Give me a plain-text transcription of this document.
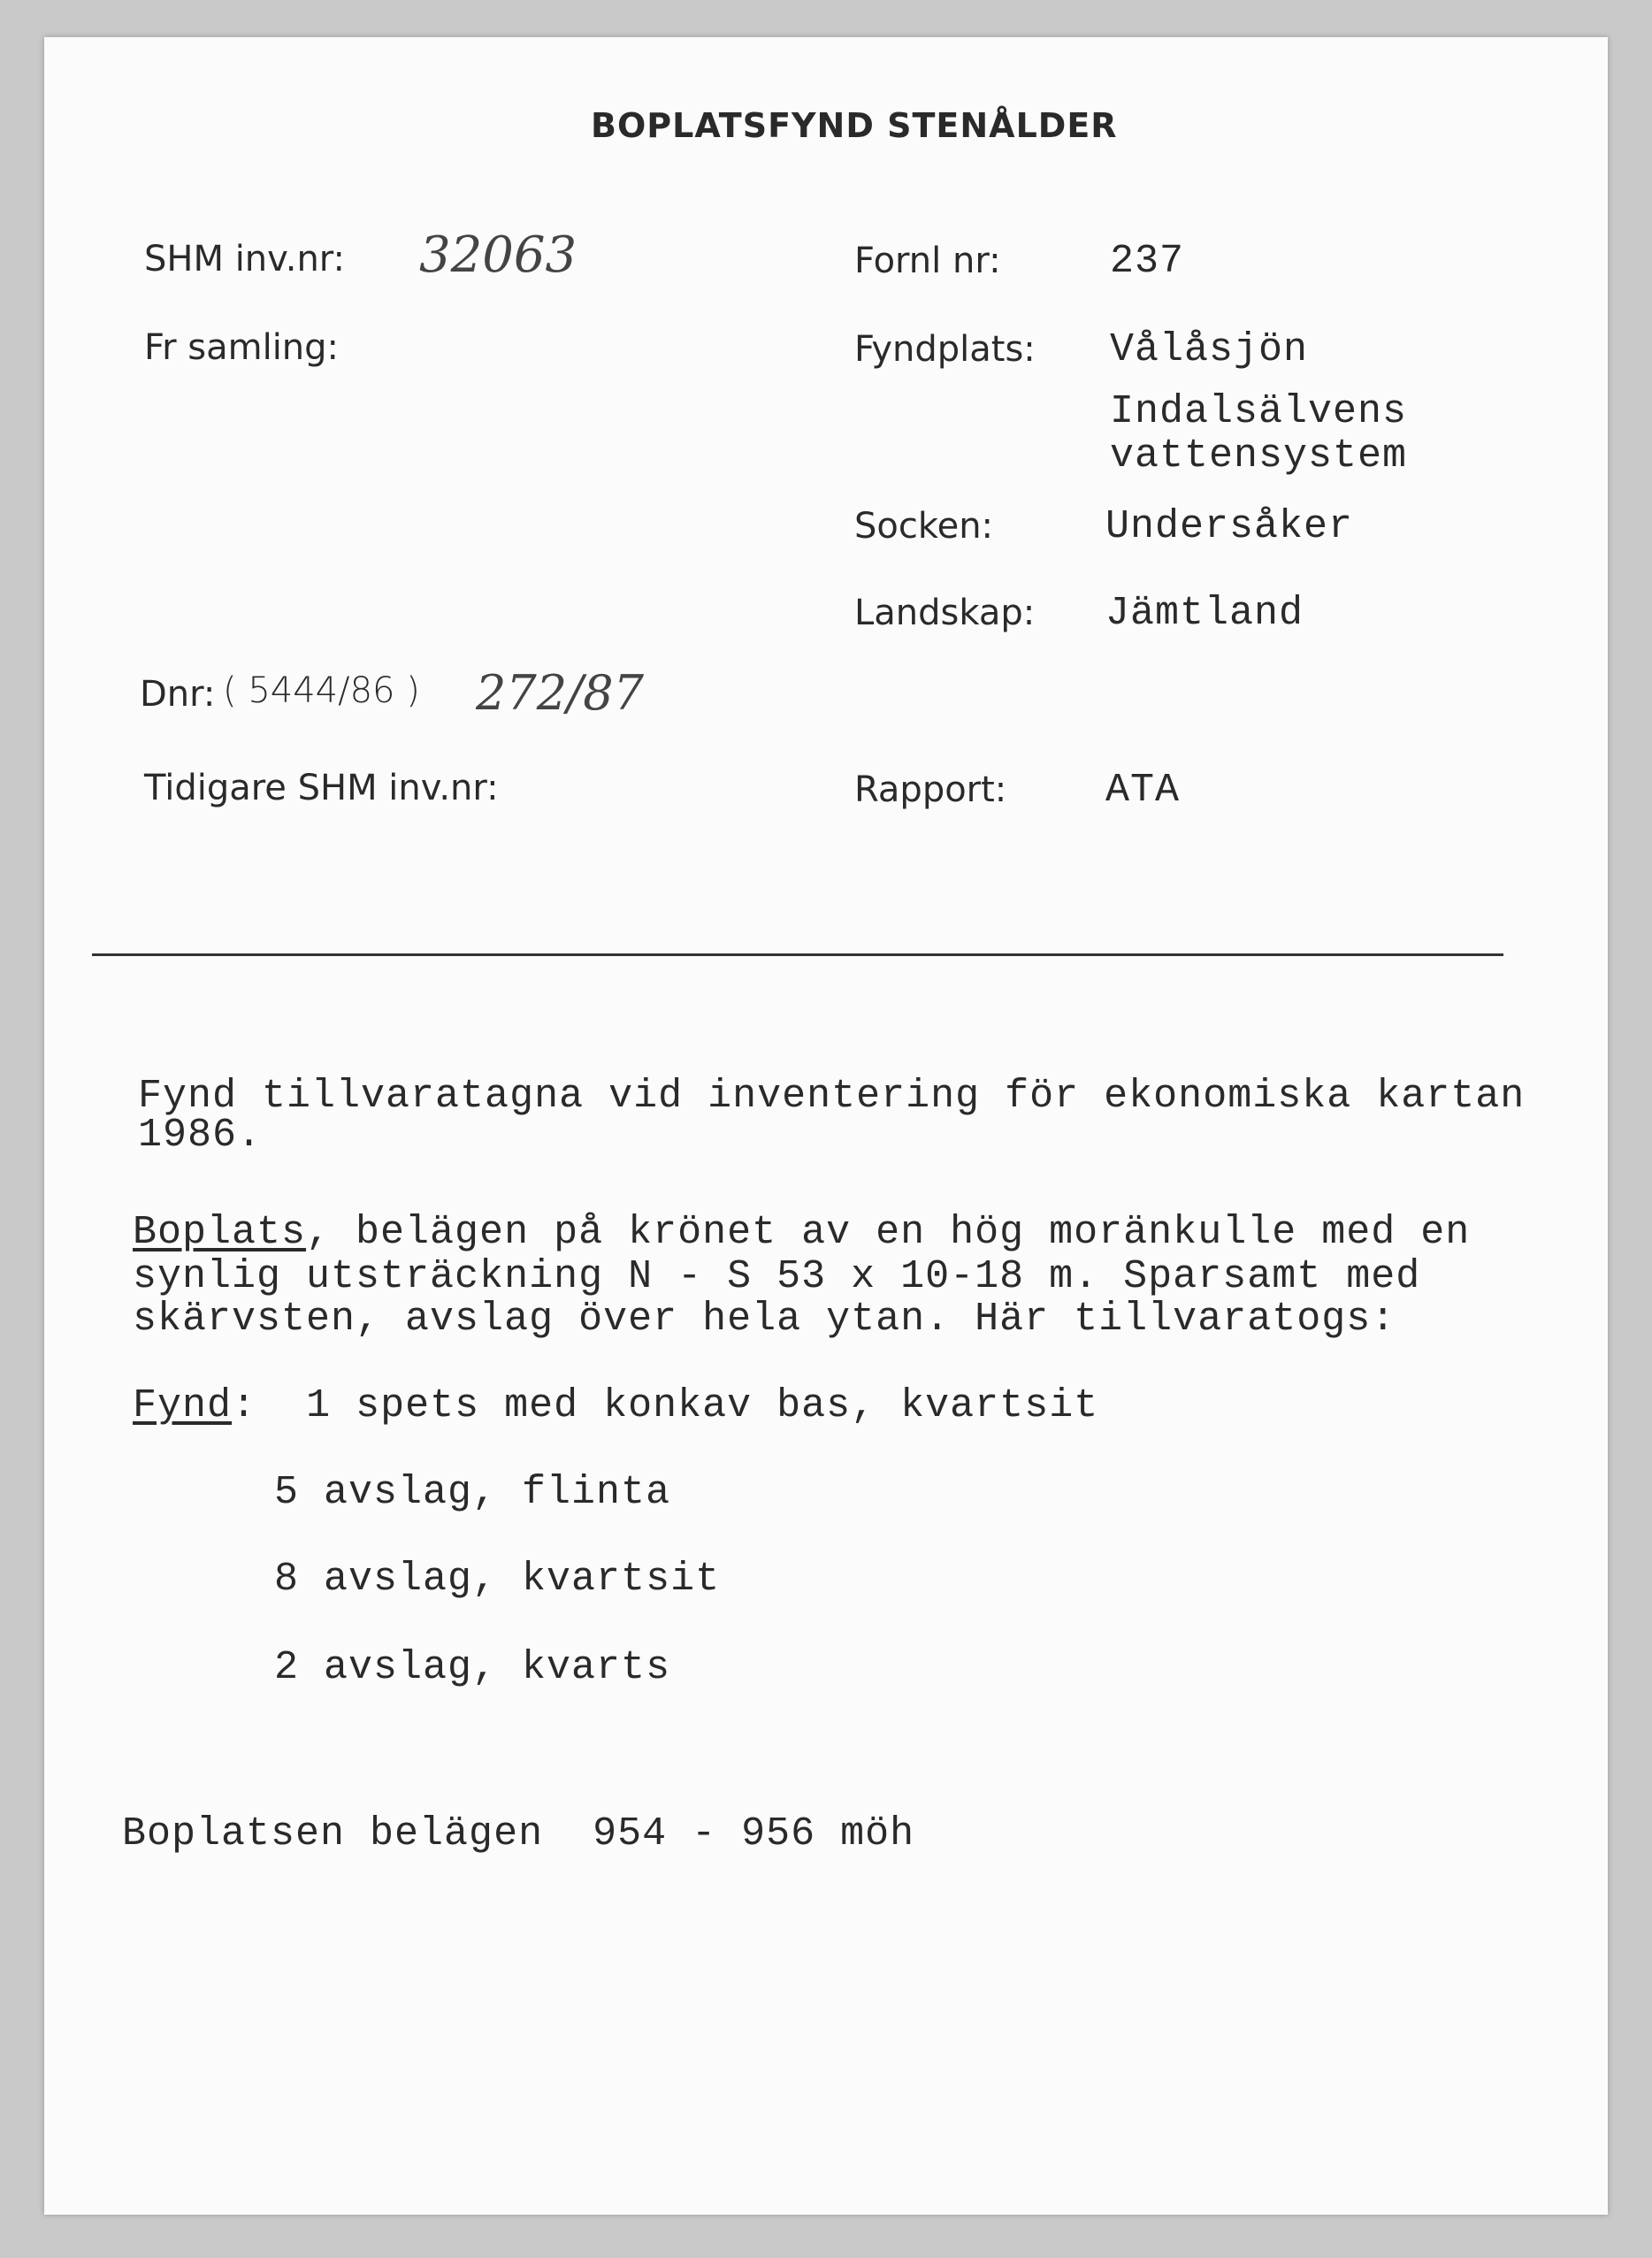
BOPLATSFYND STENÅLDER
SHM inv.nr: 32063	Fornl nr:	237
Fr samling:	Fyndplats: Vålåsjön
Indalsälvens
vattensystem
Socken:	Undersåker
Landskap: Jämtland
Dnr: ( 5444/86 ) 272/87
Tidigare SHM inv.nr:	Rapport: ATA
Fynd tillvaratagna vid inventering för ekonomiska kartan
1986.
Boplats, belägen på krönet av en hög moränkulle med en
synlig utsträckning N - S 53 x 10-18 m. Sparsamt med
skärvsten, avslag över hela ytan. Här tillvaratogs:
Fynd: 1 spets med konkav bas, kvartsit
5 avslag, flinta
8 avslag, kvartsit
2 avslag, kvarts
Boplatsen belägen  954 - 956 möh
